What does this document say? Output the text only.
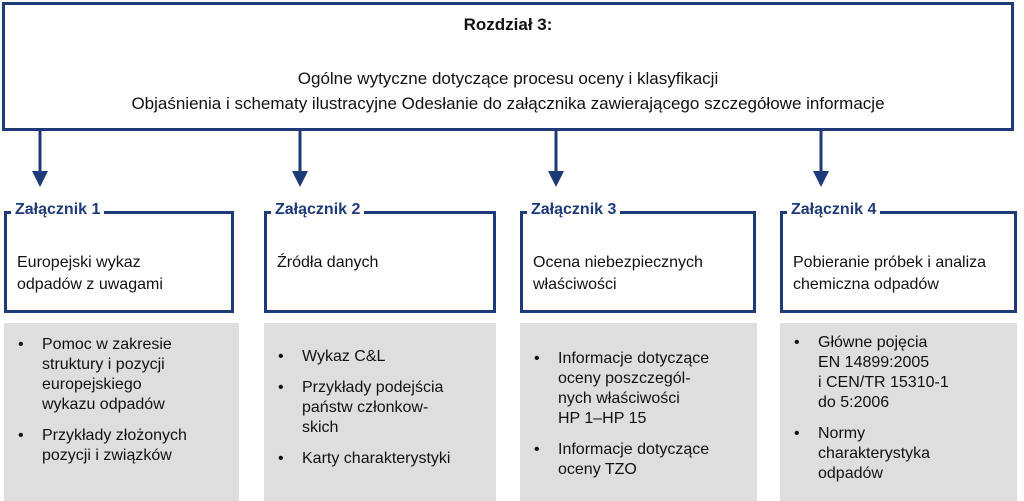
Rozdział 3:
Ogólne wytyczne dotyczące procesu oceny i klasyfikacji
Objaśnienia i schematy ilustracyjne Odesłanie do załącznika zawierającego szczegółowe informacje
Załącznik 1
Europejski wykaz
odpadów z uwagami
• Pomoc w zakresie
struktury i pozycji
europejskiego
wykazu odpadów
• Przykłady złożonych
pozycji i związków
Załącznik 2
Źródła danych
• Wykaz C&L
• Przykłady podejścia
państw członkow-
skich
• Karty charakterystyki
Załącznik 3
Ocena niebezpiecznych
właściwości
• Informacje dotyczące
oceny poszczegól-
nych właściwości
HP 1–HP 15
• Informacje dotyczące
oceny TZO
Załącznik 4
Pobieranie próbek i analiza
chemiczna odpadów
• Główne pojęcia
EN 14899:2005
i CEN/TR 15310-1
do 5:2006
• Normy
charakterystyka
odpadów
